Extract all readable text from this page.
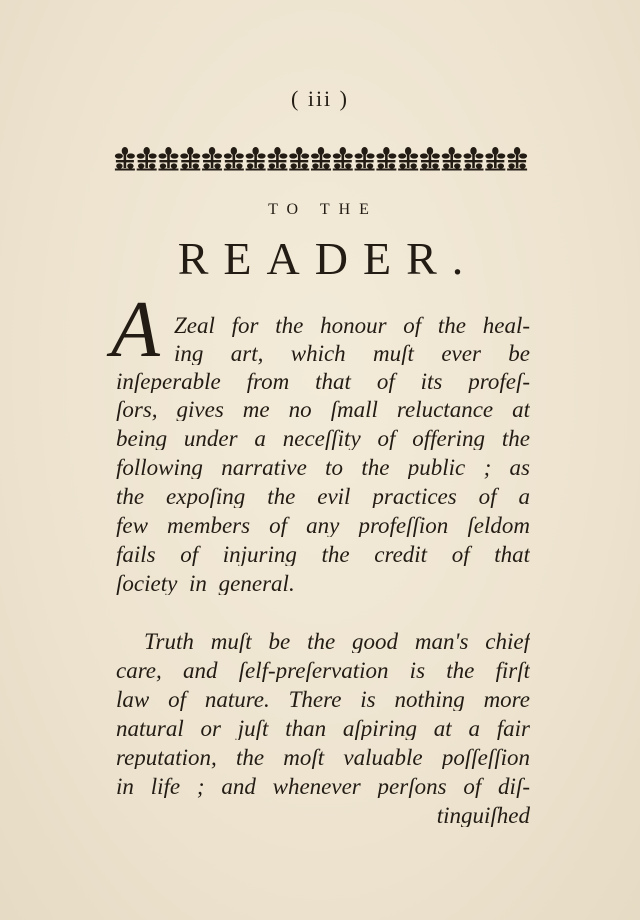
( iii )
TO THE
READER.
A Zeal for the honour of the heal-
ing art, which muſt ever be
inſeperable from that of its profeſ-
ſors, gives me no ſmall reluctance at
being under a neceſſity of offering the
following narrative to the public ; as
the expoſing the evil practices of a
few members of any profeſſion ſeldom
fails of injuring the credit of that
ſociety in general.
Truth muſt be the good man's chief
care, and ſelf-preſervation is the firſt
law of nature. There is nothing more
natural or juſt than aſpiring at a fair
reputation, the moſt valuable poſſeſſion
in life ; and whenever perſons of diſ-
tinguiſhed
